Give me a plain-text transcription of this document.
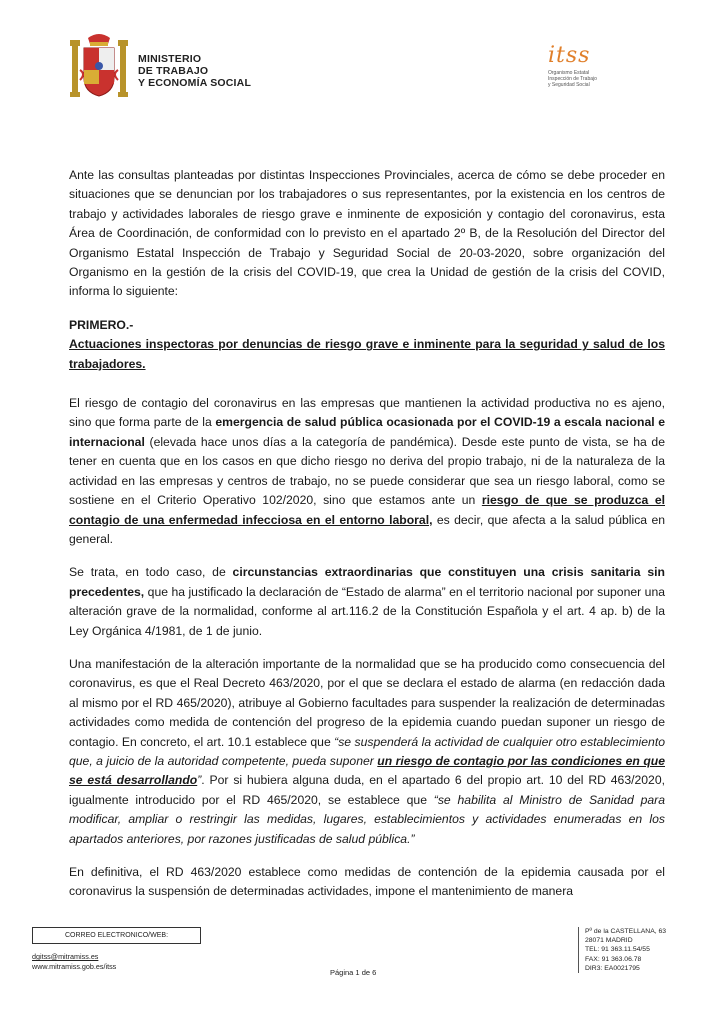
MINISTERIO
DE TRABAJO
Y ECONOMÍA SOCIAL
itss
Organismo Estatal Inspección de Trabajo y Seguridad Social

Ante las consultas planteadas por distintas Inspecciones Provinciales, acerca de cómo se debe proceder en situaciones que se denuncian por los trabajadores o sus representantes, por la existencia en los centros de trabajo y actividades laborales de riesgo grave e inminente de exposición y contagio del coronavirus, esta Área de Coordinación, de conformidad con lo previsto en el apartado 2º B, de la Resolución del Director del Organismo Estatal Inspección de Trabajo y Seguridad Social de 20-03-2020, sobre organización del Organismo en la gestión de la crisis del COVID-19, que crea la Unidad de gestión de la crisis del COVID, informa lo siguiente:

PRIMERO.-

Actuaciones inspectoras por denuncias de riesgo grave e inminente para la seguridad y salud de los trabajadores.

El riesgo de contagio del coronavirus en las empresas que mantienen la actividad productiva no es ajeno, sino que forma parte de la emergencia de salud pública ocasionada por el COVID-19 a escala nacional e internacional (elevada hace unos días a la categoría de pandémica). Desde este punto de vista, se ha de tener en cuenta que en los casos en que dicho riesgo no deriva del propio trabajo, ni de la naturaleza de la actividad en las empresas y centros de trabajo, no se puede considerar que sea un riesgo laboral, como se sostiene en el Criterio Operativo 102/2020, sino que estamos ante un riesgo de que se produzca el contagio de una enfermedad infecciosa en el entorno laboral, es decir, que afecta a la salud pública en general.

Se trata, en todo caso, de circunstancias extraordinarias que constituyen una crisis sanitaria sin precedentes, que ha justificado la declaración de “Estado de alarma” en el territorio nacional por suponer una alteración grave de la normalidad, conforme al art.116.2 de la Constitución Española y el art. 4 ap. b) de la Ley Orgánica 4/1981, de 1 de junio.

Una manifestación de la alteración importante de la normalidad que se ha producido como consecuencia del coronavirus, es que el Real Decreto 463/2020, por el que se declara el estado de alarma (en redacción dada al mismo por el RD 465/2020), atribuye al Gobierno facultades para suspender la realización de determinadas actividades como medida de contención del progreso de la epidemia cuando puedan suponer un riesgo de contagio. En concreto, el art. 10.1 establece que “se suspenderá la actividad de cualquier otro establecimiento que, a juicio de la autoridad competente, pueda suponer un riesgo de contagio por las condiciones en que se está desarrollando”. Por si hubiera alguna duda, en el apartado 6 del propio art. 10 del RD 463/2020, igualmente introducido por el RD 465/2020, se establece que “se habilita al Ministro de Sanidad para modificar, ampliar o restringir las medidas, lugares, establecimientos y actividades enumeradas en los apartados anteriores, por razones justificadas de salud pública.”

En definitiva, el RD 463/2020 establece como medidas de contención de la epidemia causada por el coronavirus la suspensión de determinadas actividades, impone el mantenimiento de manera

CORREO ELECTRONICO/WEB:
dgitss@mitramiss.es
www.mitramiss.gob.es/itss
Página 1 de 6
Pº de la CASTELLANA, 63
28071 MADRID
TEL: 91 363.11.54/55
FAX: 91 363.06.78
DIR3: EA0021795
